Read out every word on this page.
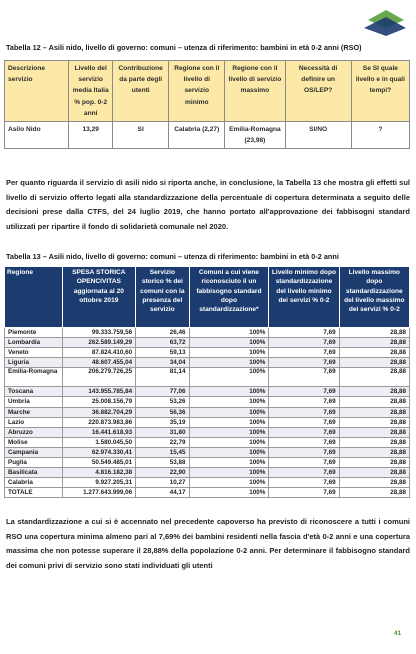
Tabella 12 – Asili nido, livello di governo: comuni – utenza di riferimento: bambini in età 0-2 anni (RSO)
Descrizione servizio	Livello del servizio media Italia % pop. 0-2 anni	Contribuzione da parte degli utenti	Regione con il livello di servizio minimo	Regione con il livello di servizio massimo	Necessità di definire un OS/LEP?	Se SI quale livello e in quali tempi?
Asilo Nido	13,29	SI	Calabria (2,27)	Emilia-Romagna (23,98)	SI/NO	?
Per quanto riguarda il servizio di asili nido si riporta anche, in conclusione, la Tabella 13 che mostra gli effetti sul livello di servizio offerto legati alla standardizzazione della percentuale di copertura determinata a seguito delle decisioni prese dalla CTFS, del 24 luglio 2019, che hanno portato all'approvazione dei fabbisogni standard utilizzati per ripartire il fondo di solidarietà comunale nel 2020.
Tabella 13 – Asili nido, livello di governo: comuni – utenza di riferimento: bambini in età 0-2 anni
Regione	SPESA STORICA OPENCIVITAS aggiornata al 20 ottobre 2019	Servizio storico % dei comuni con la presenza del servizio	Comuni a cui viene riconosciuto il un fabbisogno standard dopo standardizzazione*	Livello minimo dopo standardizzazione del livello minimo dei servizi % 0-2	Livello massimo dopo standardizzazione del livello massimo dei servizi % 0-2
Piemonte	99.333.759,56	26,46	100%	7,69	28,88
Lombardia	262.589.149,29	63,72	100%	7,69	28,88
Veneto	87.824.410,60	59,13	100%	7,69	28,88
Liguria	48.607.455,04	34,04	100%	7,69	28,88
Emilia-Romagna	206.279.726,25	81,14	100%	7,69	28,88
Toscana	143.955.785,84	77,06	100%	7,69	28,88
Umbria	25.008.156,79	53,26	100%	7,69	28,88
Marche	36.882.704,29	56,36	100%	7,69	28,88
Lazio	220.873.983,86	35,19	100%	7,69	28,88
Abruzzo	16.441.618,93	31,80	100%	7,69	28,88
Molise	1.580.045,50	22,79	100%	7,69	28,88
Campania	62.974.330,41	15,45	100%	7,69	28,88
Puglia	50.549.485,01	53,88	100%	7,69	28,88
Basilicata	4.816.182,38	22,90	100%	7,69	28,88
Calabria	9.927.205,31	10,27	100%	7,69	28,88
TOTALE	1.277.643.999,06	44,17	100%	7,69	28,88
La standardizzazione a cui si è accennato nel precedente capoverso ha previsto di riconoscere a tutti i comuni RSO una copertura minima almeno pari al 7,69% dei bambini residenti nella fascia d'età 0-2 anni e una copertura massima che non potesse superare il 28,88% della popolazione 0-2 anni. Per determinare il fabbisogno standard dei comuni privi di servizio sono stati individuati gli utenti
41
